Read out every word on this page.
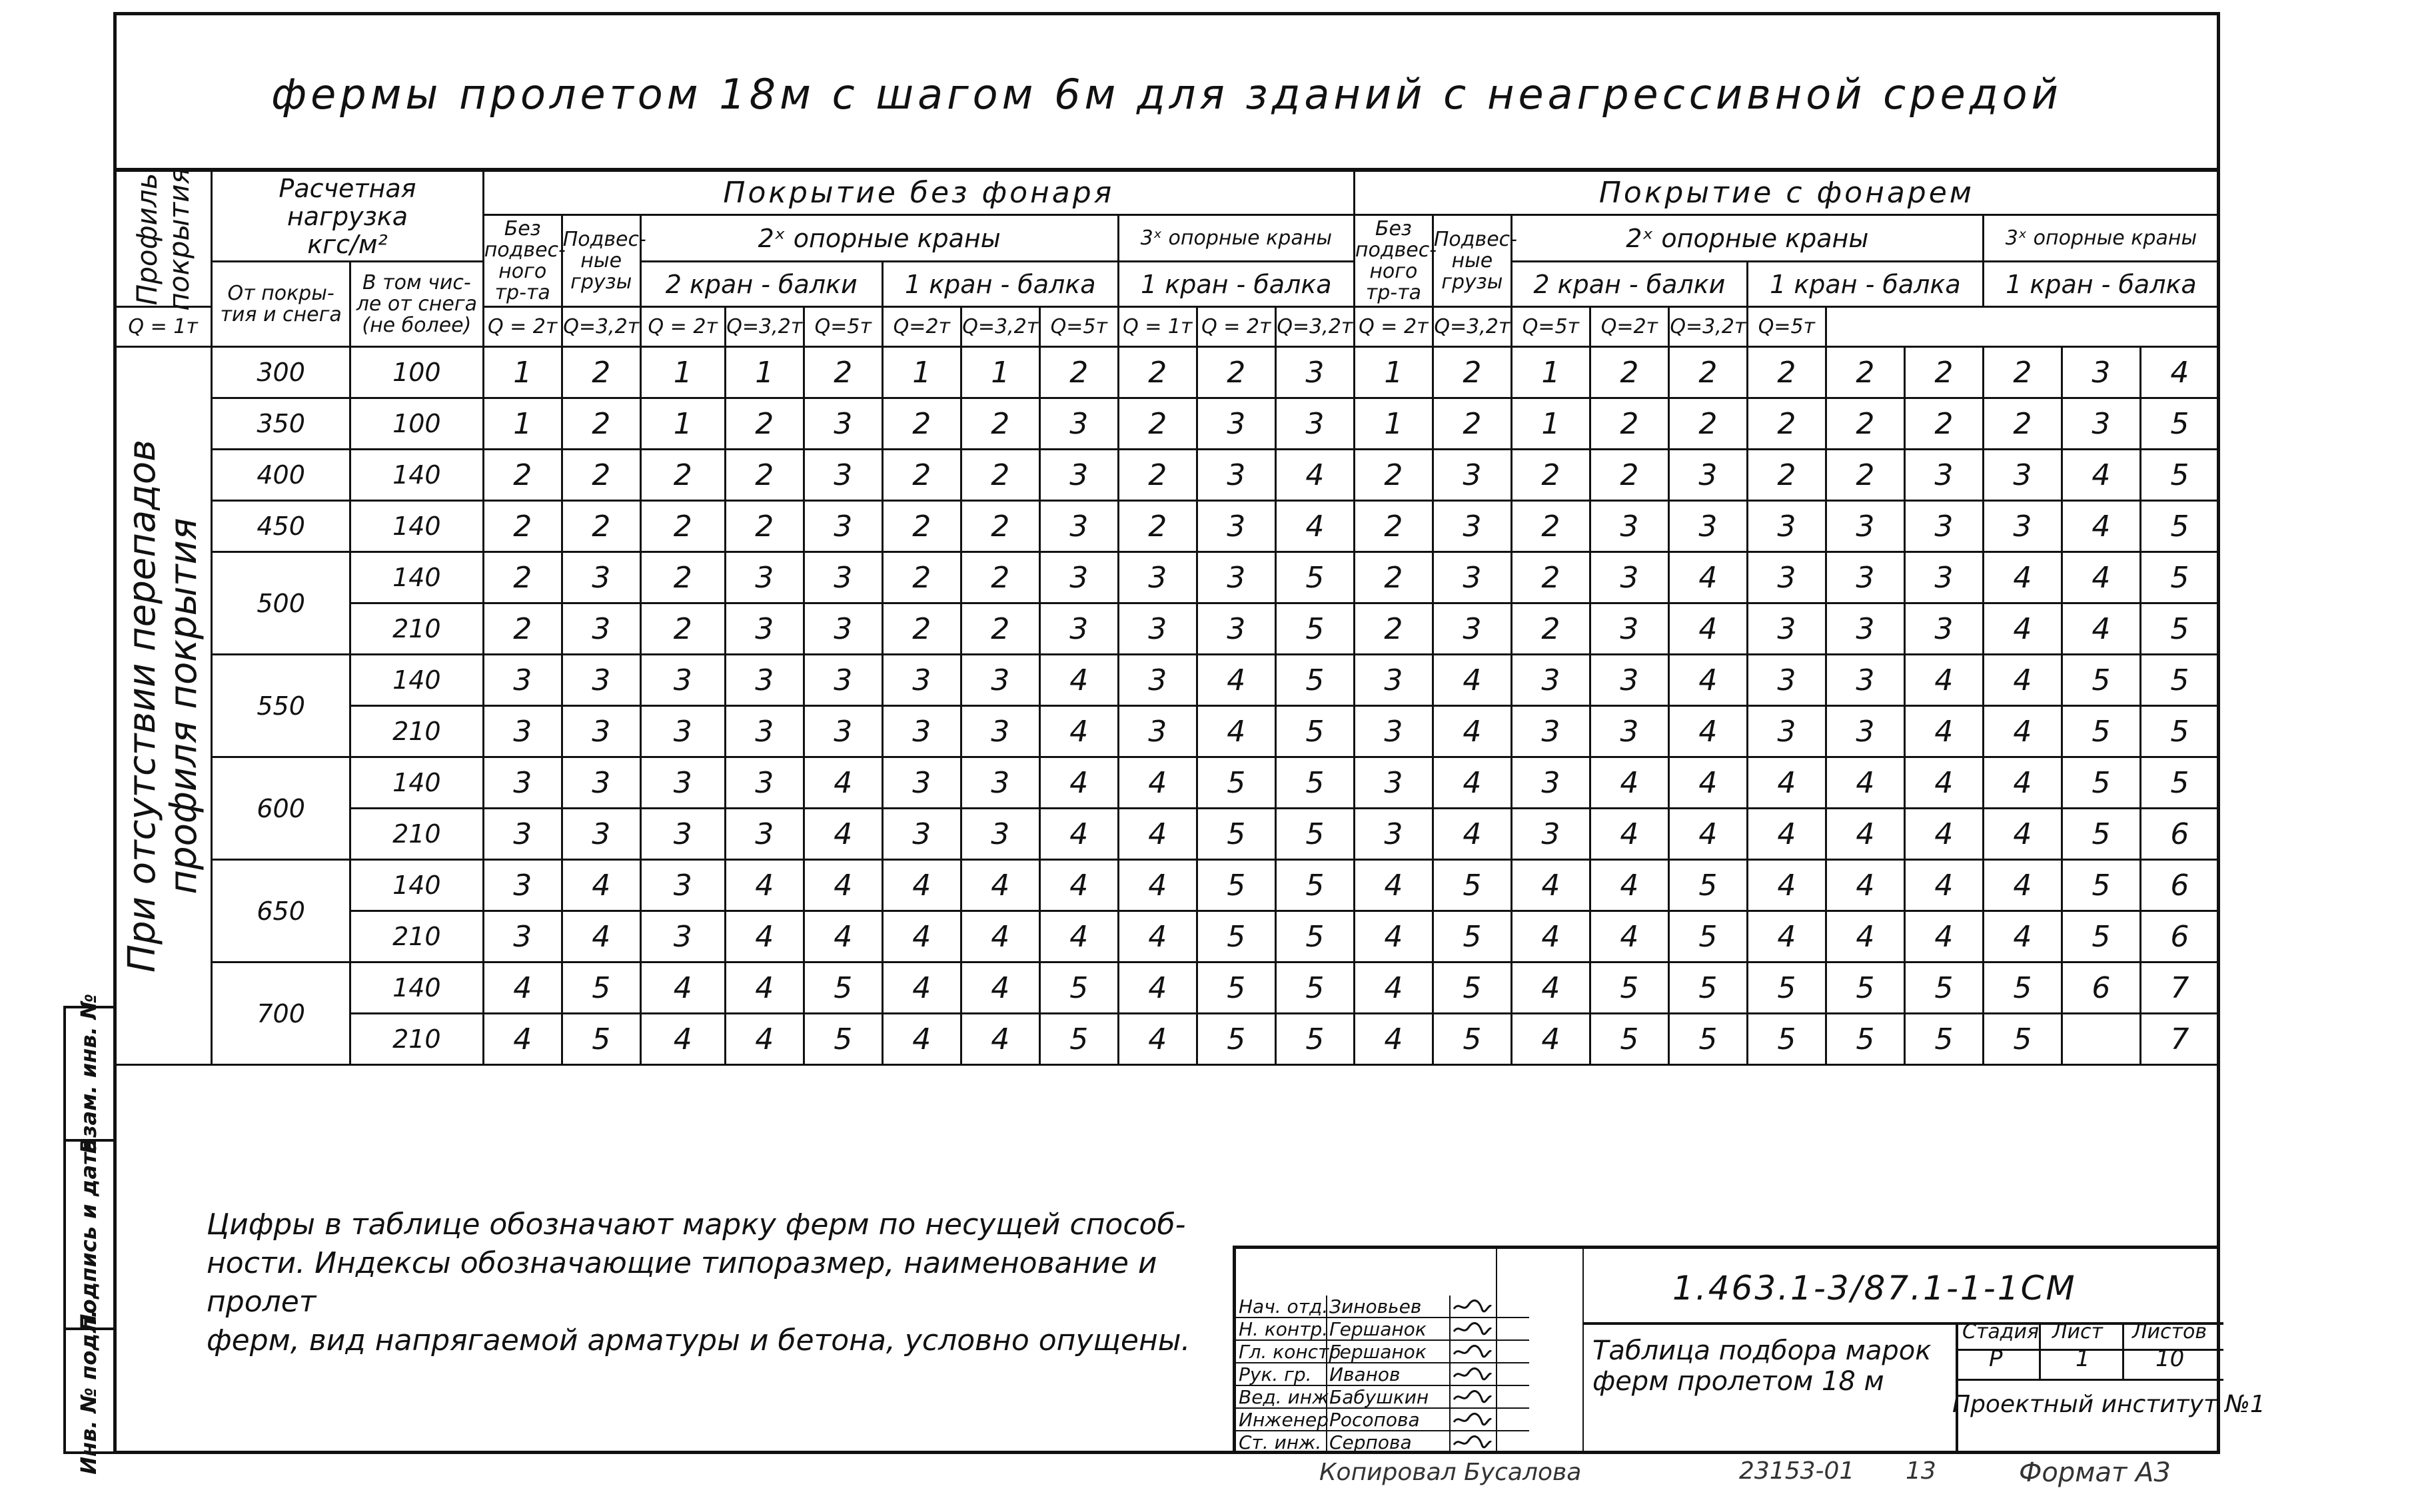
фермы пролетом 18м с шагом 6м для зданий с неагрессивной средой
Профиль
покрытия	Расчетная
нагрузка
кгс/м²		Покрытие без фонаря											Покрытие с фонарем										
			Без
подвес-
ного
тр-та	Подвес-
ные
грузы	2ˣ опорные краны						3ˣ опорные краны			Без
подвес-
ного
тр-та	Подвес-
ные
грузы	2ˣ опорные краны						3ˣ опорные краны		
	От покры-
тия и снега	В том чис-
ле от снега
(не более)			2 кран - балки			1 кран - балка			1 кран - балка					2 кран - балки			1 кран - балка			1 кран - балка		
Q = 1т			Q = 2т	Q=3,2т	Q = 2т	Q=3,2т	Q=5т	Q=2т	Q=3,2т	Q=5т	Q = 1т	Q = 2т	Q=3,2т	Q = 2т	Q=3,2т	Q=5т	Q=2т	Q=3,2т	Q=5т					

При отсутствии перепадов
профиля покрытия	300	100	1	2	1	1	2	1	1	2	2	2	3	1	2	1	2	2	2	2	2	2	3	4
	350	100	1	2	1	2	3	2	2	3	2	3	3	1	2	1	2	2	2	2	2	2	3	5
	400	140	2	2	2	2	3	2	2	3	2	3	4	2	3	2	2	3	2	2	3	3	4	5
	450	140	2	2	2	2	3	2	2	3	2	3	4	2	3	2	3	3	3	3	3	3	4	5
	500	140	2	3	2	3	3	2	2	3	3	3	5	2	3	2	3	4	3	3	3	4	4	5
		210	2	3	2	3	3	2	2	3	3	3	5	2	3	2	3	4	3	3	3	4	4	5
	550	140	3	3	3	3	3	3	3	4	3	4	5	3	4	3	3	4	3	3	4	4	5	5
		210	3	3	3	3	3	3	3	4	3	4	5	3	4	3	3	4	3	3	4	4	5	5
	600	140	3	3	3	3	4	3	3	4	4	5	5	3	4	3	4	4	4	4	4	4	5	5
		210	3	3	3	3	4	3	3	4	4	5	5	3	4	3	4	4	4	4	4	4	5	6
	650	140	3	4	3	4	4	4	4	4	4	5	5	4	5	4	4	5	4	4	4	4	5	6
		210	3	4	3	4	4	4	4	4	4	5	5	4	5	4	4	5	4	4	4	4	5	6
	700	140	4	5	4	4	5	4	4	5	4	5	5	4	5	4	5	5	5	5	5	5	6	7
		210	4	5	4	4	5	4	4	5	4	5	5	4	5	4	5	5	5	5	5	5		7
Цифры в таблице обозначают марку ферм по несущей способ-
ности. Индексы обозначающие типоразмер, наименование и пролет
ферм, вид напрягаемой арматуры и бетона, условно опущены.
Взам. инв. №
Подпись и дата
Инв. № подл.
Нач. отд. Зиновьев
Н. контр. Гершанок
Гл. констр
Гершанок
Рук. гр. Иванов
Вед. инж.
Бабушкин
Инженер Росопова
Ст. инж. Серпова
1.463.1-3/87.1-1-1СМ
Таблица подбора марок
ферм пролетом 18 м
Стадия Лист Листов
Р	1	10
Проектный институт №1
Копировал Бусалова	23153-01 13	Формат А3
